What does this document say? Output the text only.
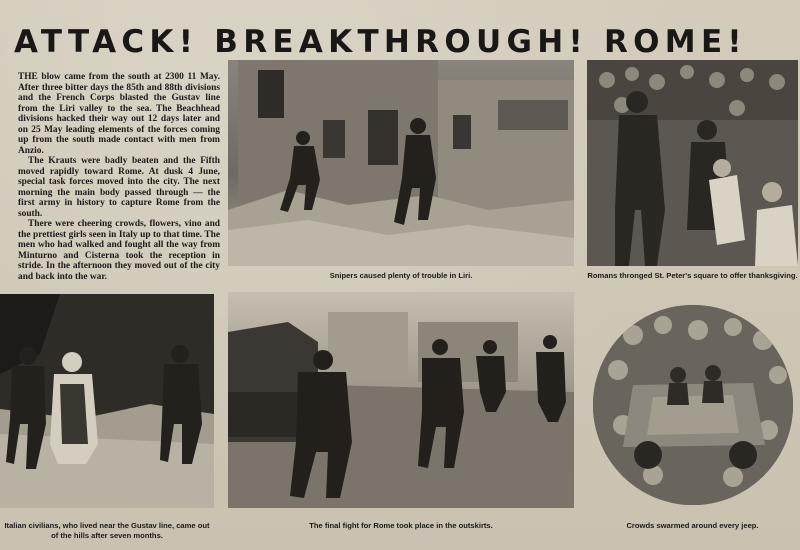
ATTACK! BREAKTHROUGH! ROME!

THE blow came from the south at 2300 11 May. After three bitter days the 85th and 88th divisions and the French Corps blasted the Gustav line from the Liri valley to the sea. The Beachhead divisions hacked their way out 12 days later and on 25 May leading elements of the forces coming up from the south made contact with men from Anzio.

The Krauts were badly beaten and the Fifth moved rapidly toward Rome. At dusk 4 June, special task forces moved into the city. The next morning the main body passed through — the first army in history to capture Rome from the south.

There were cheering crowds, flowers, vino and the prettiest girls seen in Italy up to that time. The men who had walked and fought all the way from Minturno and Cisterna took the reception in stride. In the afternoon they moved out of the city and back into the war.	Snipers caused plenty of trouble in Liri.	Romans thronged St. Peter's square to offer thanksgiving.
Italian civilians, who lived near the Gustav line, came out of the hills after seven months.
The final fight for Rome took place in the outskirts.	Crowds swarmed around every jeep.
